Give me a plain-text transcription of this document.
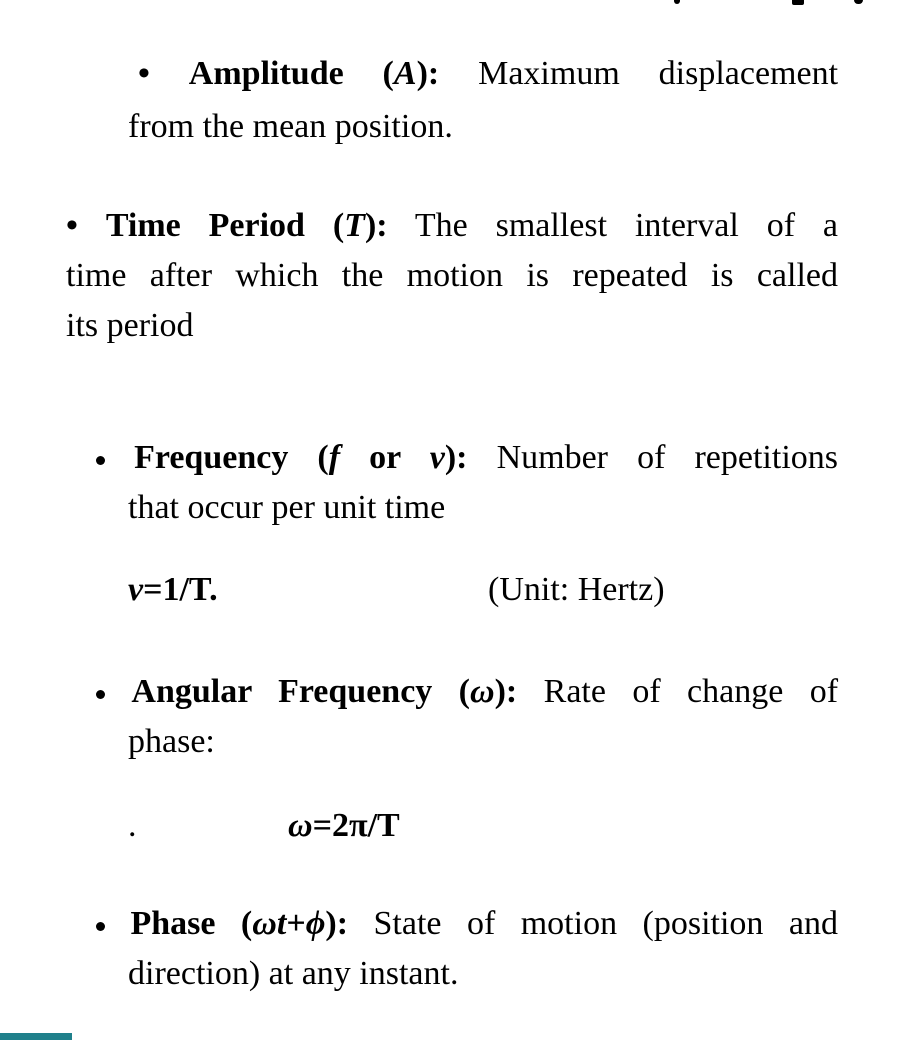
• Amplitude (A): Maximum displacement
from the mean position.
• Time Period (T): The smallest interval of a
time after which the motion is repeated is called
its period
Frequency (f or ν): Number of repetitions
that occur per unit time
ν=1/T.	(Unit: Hertz)
Angular Frequency (ω): Rate of change of
phase:
.	ω=2π/T
Phase (ωt+ϕ): State of motion (position and
direction) at any instant.
